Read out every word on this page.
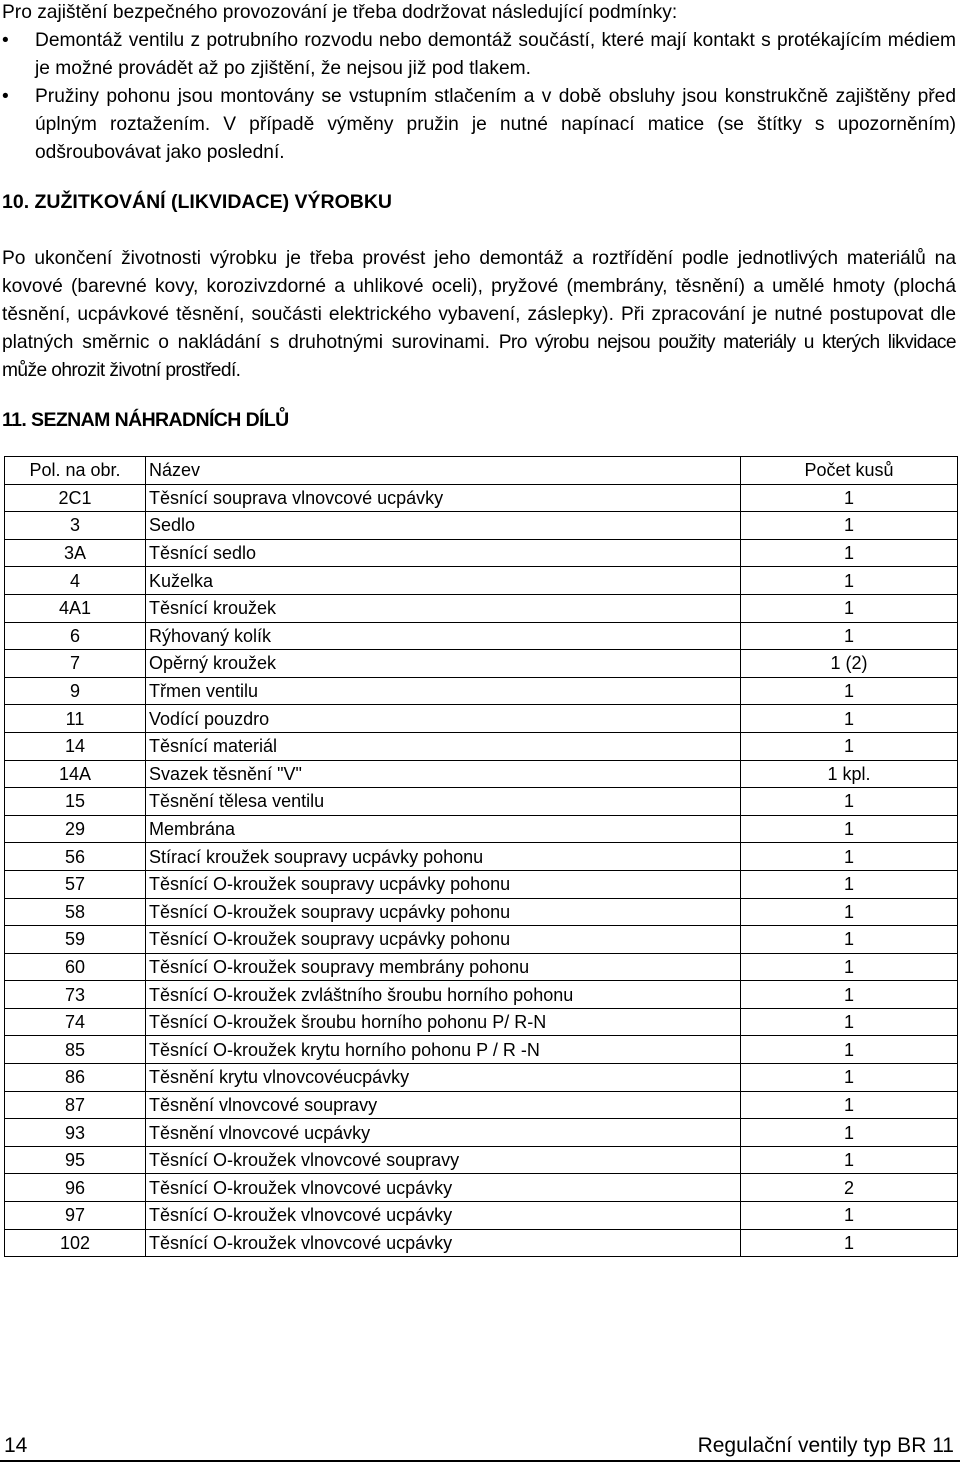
Pro zajištění bezpečného provozování je třeba dodržovat následující podmínky:
•	Demontáž ventilu z potrubního rozvodu nebo demontáž součástí, které mají kontakt s protékajícím médiem je možné provádět až po zjištění, že nejsou již pod tlakem.
•	Pružiny pohonu jsou montovány se vstupním stlačením a v době obsluhy jsou konstrukčně zajištěny před úplným roztažením. V případě výměny pružin je nutné napínací matice (se štítky s upozorněním) odšroubovávat jako poslední.
10. ZUŽITKOVÁNÍ (LIKVIDACE) VÝROBKU
Po ukončení životnosti výrobku je třeba provést jeho demontáž a roztřídění podle jednotlivých materiálů na kovové (barevné kovy, korozivzdorné a uhlikové oceli), pryžové (membrány, těsnění) a umělé hmoty (plochá těsnění, ucpávkové těsnění, součásti elektrického vybavení, záslepky). Při zpracování je nutné postupovat dle platných směrnic o nakládání s druhotnými surovinami. Pro výrobu nejsou použity materiály u kterých likvidace může ohrozit životní prostředí.
11. SEZNAM NÁHRADNÍCH DÍLŮ
Pol. na obr.	Název	Počet kusů
2C1	Těsnící souprava vlnovcové ucpávky	1
3	Sedlo	1
3A	Těsnící sedlo	1
4	Kuželka	1
4A1	Těsnící kroužek	1
6	Rýhovaný kolík	1
7	Opěrný kroužek	1 (2)
9	Třmen ventilu	1
11	Vodící pouzdro	1
14	Těsnící materiál	1
14A	Svazek těsnění "V"	1 kpl.
15	Těsnění tělesa ventilu	1
29	Membrána	1
56	Stírací kroužek soupravy ucpávky pohonu	1
57	Těsnící O-kroužek soupravy ucpávky pohonu	1
58	Těsnící O-kroužek soupravy ucpávky pohonu	1
59	Těsnící O-kroužek soupravy ucpávky pohonu	1
60	Těsnící O-kroužek soupravy membrány pohonu	1
73	Těsnící O-kroužek zvláštního šroubu horního pohonu	1
74	Těsnící O-kroužek šroubu horního pohonu P/ R-N	1
85	Těsnící O-kroužek krytu horního pohonu P / R -N	1
86	Těsnění krytu vlnovcovéucpávky	1
87	Těsnění vlnovcové soupravy	1
93	Těsnění vlnovcové ucpávky	1
95	Těsnící O-kroužek vlnovcové soupravy	1
96	Těsnící O-kroužek vlnovcové ucpávky	2
97	Těsnící O-kroužek vlnovcové ucpávky	1
102	Těsnící O-kroužek vlnovcové ucpávky	1
14	Regulační ventily typ BR 11
